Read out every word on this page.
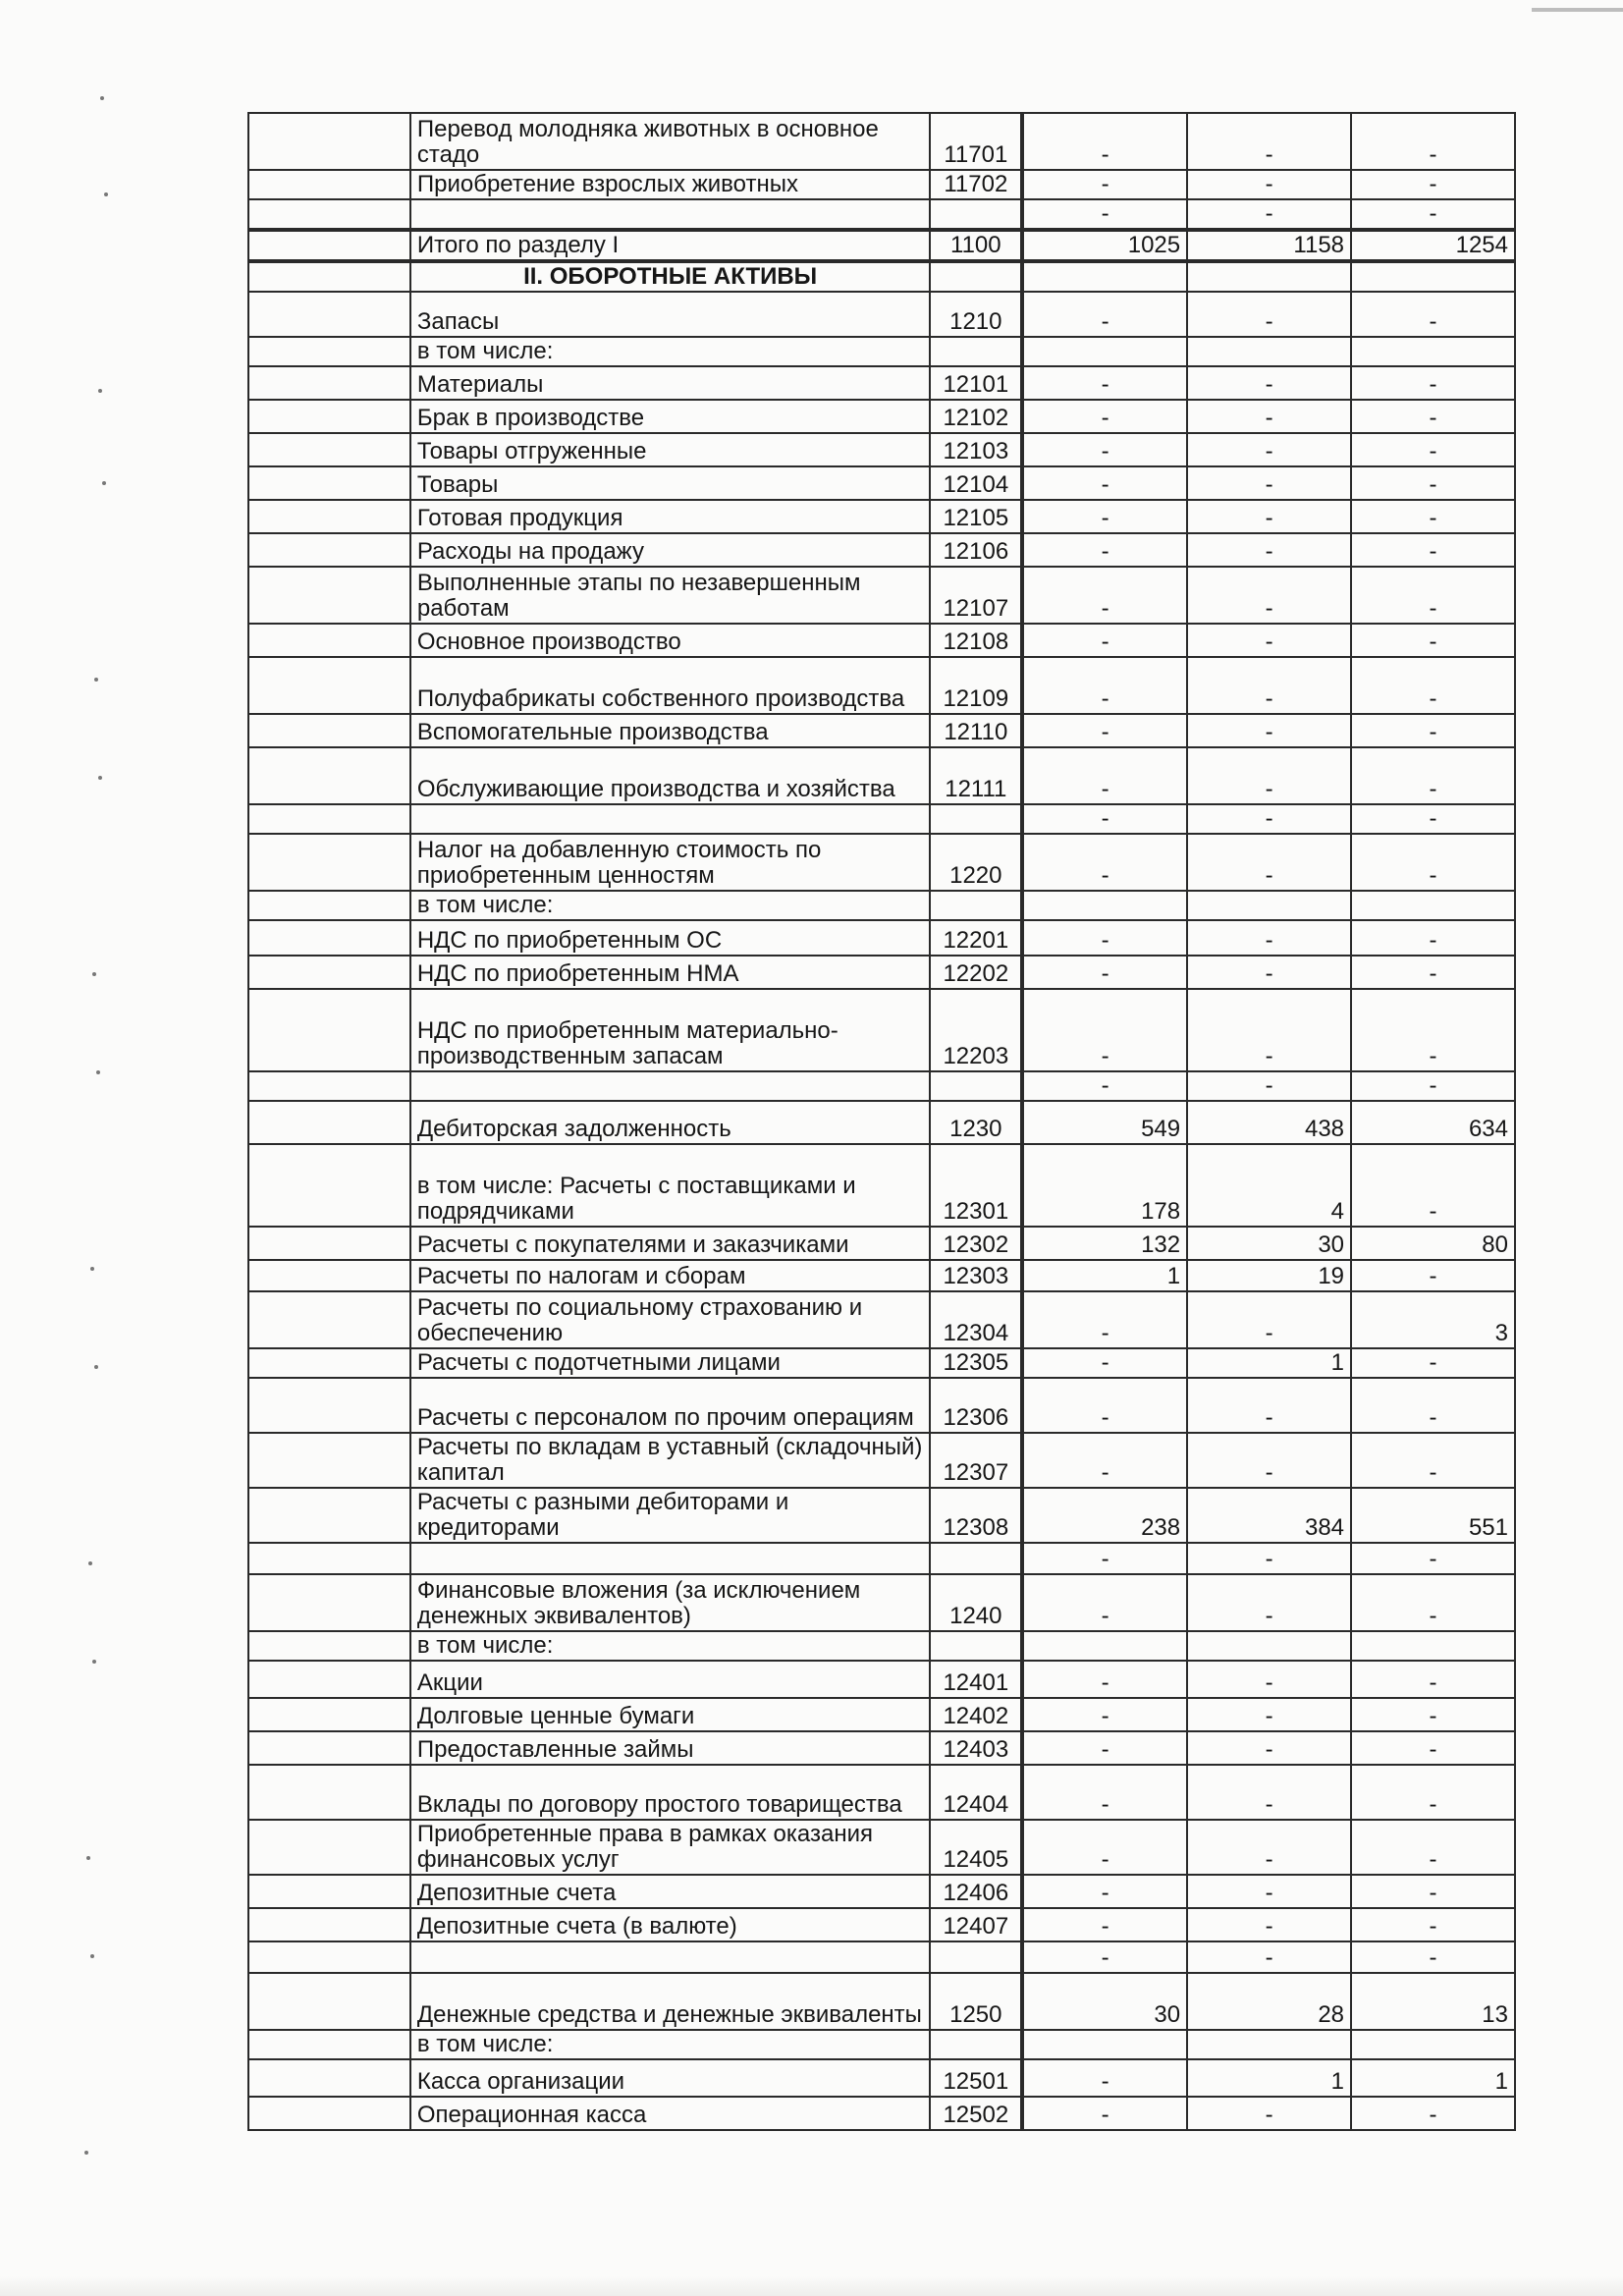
	Перевод молодняка животных в основное стадо	11701	-	-	-
	Приобретение взрослых животных	11702	-	-	-
			-	-	-
	Итого по разделу I	1100	1025	1158	1254
	II. ОБОРОТНЫЕ АКТИВЫ				
	Запасы	1210	-	-	-
	в том числе:				
	Материалы	12101	-	-	-
	Брак в производстве	12102	-	-	-
	Товары отгруженные	12103	-	-	-
	Товары	12104	-	-	-
	Готовая продукция	12105	-	-	-
	Расходы на продажу	12106	-	-	-
	Выполненные этапы по незавершенным работам	12107	-	-	-
	Основное производство	12108	-	-	-
	Полуфабрикаты собственного производства	12109	-	-	-
	Вспомогательные производства	12110	-	-	-
	Обслуживающие производства и хозяйства	12111	-	-	-
			-	-	-
	Налог на добавленную стоимость по приобретенным ценностям	1220	-	-	-
	в том числе:				
	НДС по приобретенным ОС	12201	-	-	-
	НДС по приобретенным НМА	12202	-	-	-
	НДС по приобретенным материально-производственным запасам	12203	-	-	-
			-	-	-
	Дебиторская задолженность	1230	549	438	634
	в том числе: Расчеты с поставщиками и подрядчиками	12301	178	4	-
	Расчеты с покупателями и заказчиками	12302	132	30	80
	Расчеты по налогам и сборам	12303	1	19	-
	Расчеты по социальному страхованию и обеспечению	12304	-	-	3
	Расчеты с подотчетными лицами	12305	-	1	-
	Расчеты с персоналом по прочим операциям	12306	-	-	-
	Расчеты по вкладам в уставный (складочный) капитал	12307	-	-	-
	Расчеты с разными дебиторами и кредиторами	12308	238	384	551
			-	-	-
	Финансовые вложения (за исключением денежных эквивалентов)	1240	-	-	-
	в том числе:				
	Акции	12401	-	-	-
	Долговые ценные бумаги	12402	-	-	-
	Предоставленные займы	12403	-	-	-
	Вклады по договору простого товарищества	12404	-	-	-
	Приобретенные права в рамках оказания финансовых услуг	12405	-	-	-
	Депозитные счета	12406	-	-	-
	Депозитные счета (в валюте)	12407	-	-	-
			-	-	-
	Денежные средства и денежные эквиваленты	1250	30	28	13
	в том числе:				
	Касса организации	12501	-	1	1
	Операционная касса	12502	-	-	-
